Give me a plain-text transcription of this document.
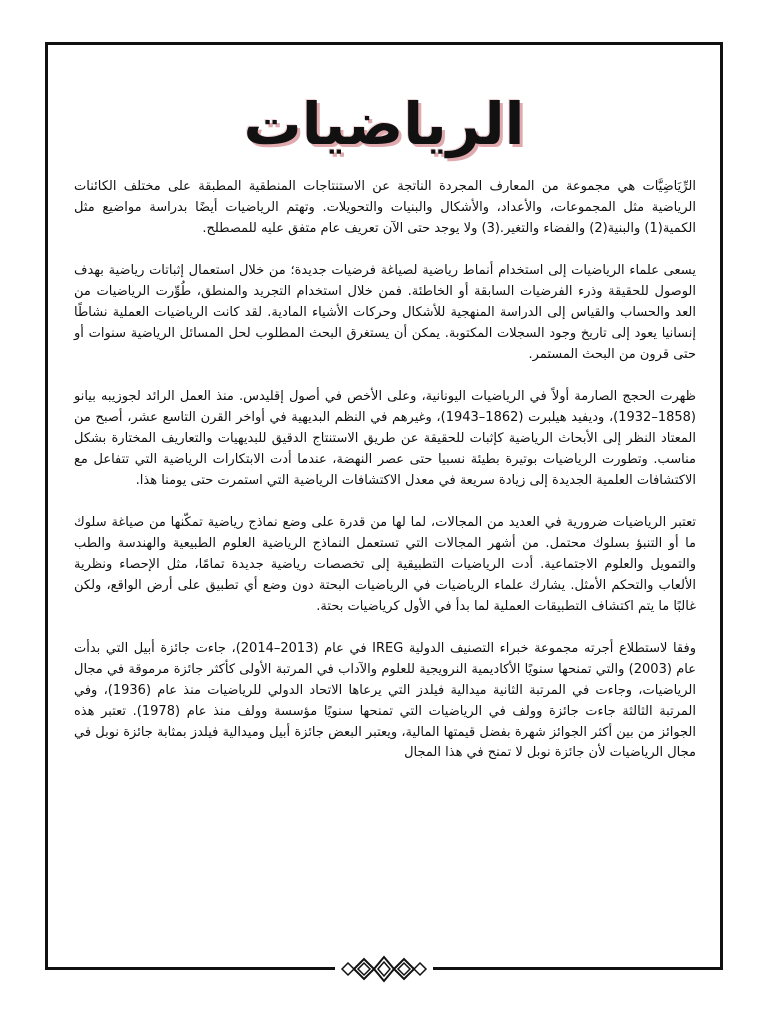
الرياضيات

الرِّيَاضِيَّات هي مجموعة من المعارف المجردة الناتجة عن الاستنتاجات المنطقية المطبقة على مختلف الكائنات الرياضية مثل المجموعات، والأعداد، والأشكال والبنيات والتحويلات. وتهتم الرياضيات أيضًا بدراسة مواضيع مثل الكمية(1) والبنية(2) والفضاء والتغير.(3) ولا يوجد حتى الآن تعريف عام متفق عليه للمصطلح.

يسعى علماء الرياضيات إلى استخدام أنماط رياضية لصياغة فرضيات جديدة؛ من خلال استعمال إثباتات رياضية بهدف الوصول للحقيقة وذرء الفرضيات السابقة أو الخاطئة. فمن خلال استخدام التجريد والمنطق، طُوِّرت الرياضيات من العد والحساب والقياس إلى الدراسة المنهجية للأشكال وحركات الأشياء المادية. لقد كانت الرياضيات العملية نشاطًا إنسانيا يعود إلى تاريخ وجود السجلات المكتوبة. يمكن أن يستغرق البحث المطلوب لحل المسائل الرياضية سنوات أو حتى قرون من البحث المستمر.

ظهرت الحجج الصارمة أولاً في الرياضيات اليونانية، وعلى الأخص في أصول إقليدس. منذ العمل الرائد لجوزيبه بيانو (1858–1932)، وديفيد هيلبرت (1862–1943)، وغيرهم في النظم البديهية في أواخر القرن التاسع عشر، أصبح من المعتاد النظر إلى الأبحاث الرياضية كإثبات للحقيقة عن طريق الاستنتاج الدقيق للبديهيات والتعاريف المختارة بشكل مناسب. وتطورت الرياضيات بوتيرة بطيئة نسبيا حتى عصر النهضة، عندما أدت الابتكارات الرياضية التي تتفاعل مع الاكتشافات العلمية الجديدة إلى زيادة سريعة في معدل الاكتشافات الرياضية التي استمرت حتى يومنا هذا.

تعتبر الرياضيات ضرورية في العديد من المجالات، لما لها من قدرة على وضع نماذج رياضية تمكّنها من صياغة سلوك ما أو التنبؤ بسلوك محتمل. من أشهر المجالات التي تستعمل النماذج الرياضية العلوم الطبيعية والهندسة والطب والتمويل والعلوم الاجتماعية. أدت الرياضيات التطبيقية إلى تخصصات رياضية جديدة تمامًا، مثل الإحصاء ونظرية الألعاب والتحكم الأمثل. يشارك علماء الرياضيات في الرياضيات البحتة دون وضع أي تطبيق على أرض الواقع، ولكن غالبًا ما يتم اكتشاف التطبيقات العملية لما بدأ في الأول كرياضيات بحتة.

وفقا لاستطلاع أجرته مجموعة خبراء التصنيف الدولية IREG في عام (2013–2014)، جاءت جائزة أبيل التي بدأت عام (2003) والتي تمنحها سنويًا الأكاديمية النرويجية للعلوم والآداب في المرتبة الأولى كأكثر جائزة مرموقة في مجال الرياضيات، وجاءت في المرتبة الثانية ميدالية فيلدز التي يرعاها الاتحاد الدولي للرياضيات منذ عام (1936)، وفي المرتبة الثالثة جاءت جائزة وولف في الرياضيات التي تمنحها سنويًا مؤسسة وولف منذ عام (1978). تعتبر هذه الجوائز من بين أكثر الجوائز شهرة بفضل قيمتها المالية، ويعتبر البعض جائزة أبيل وميدالية فيلدز بمثابة جائزة نوبل في مجال الرياضيات لأن جائزة نوبل لا تمنح في هذا المجال
